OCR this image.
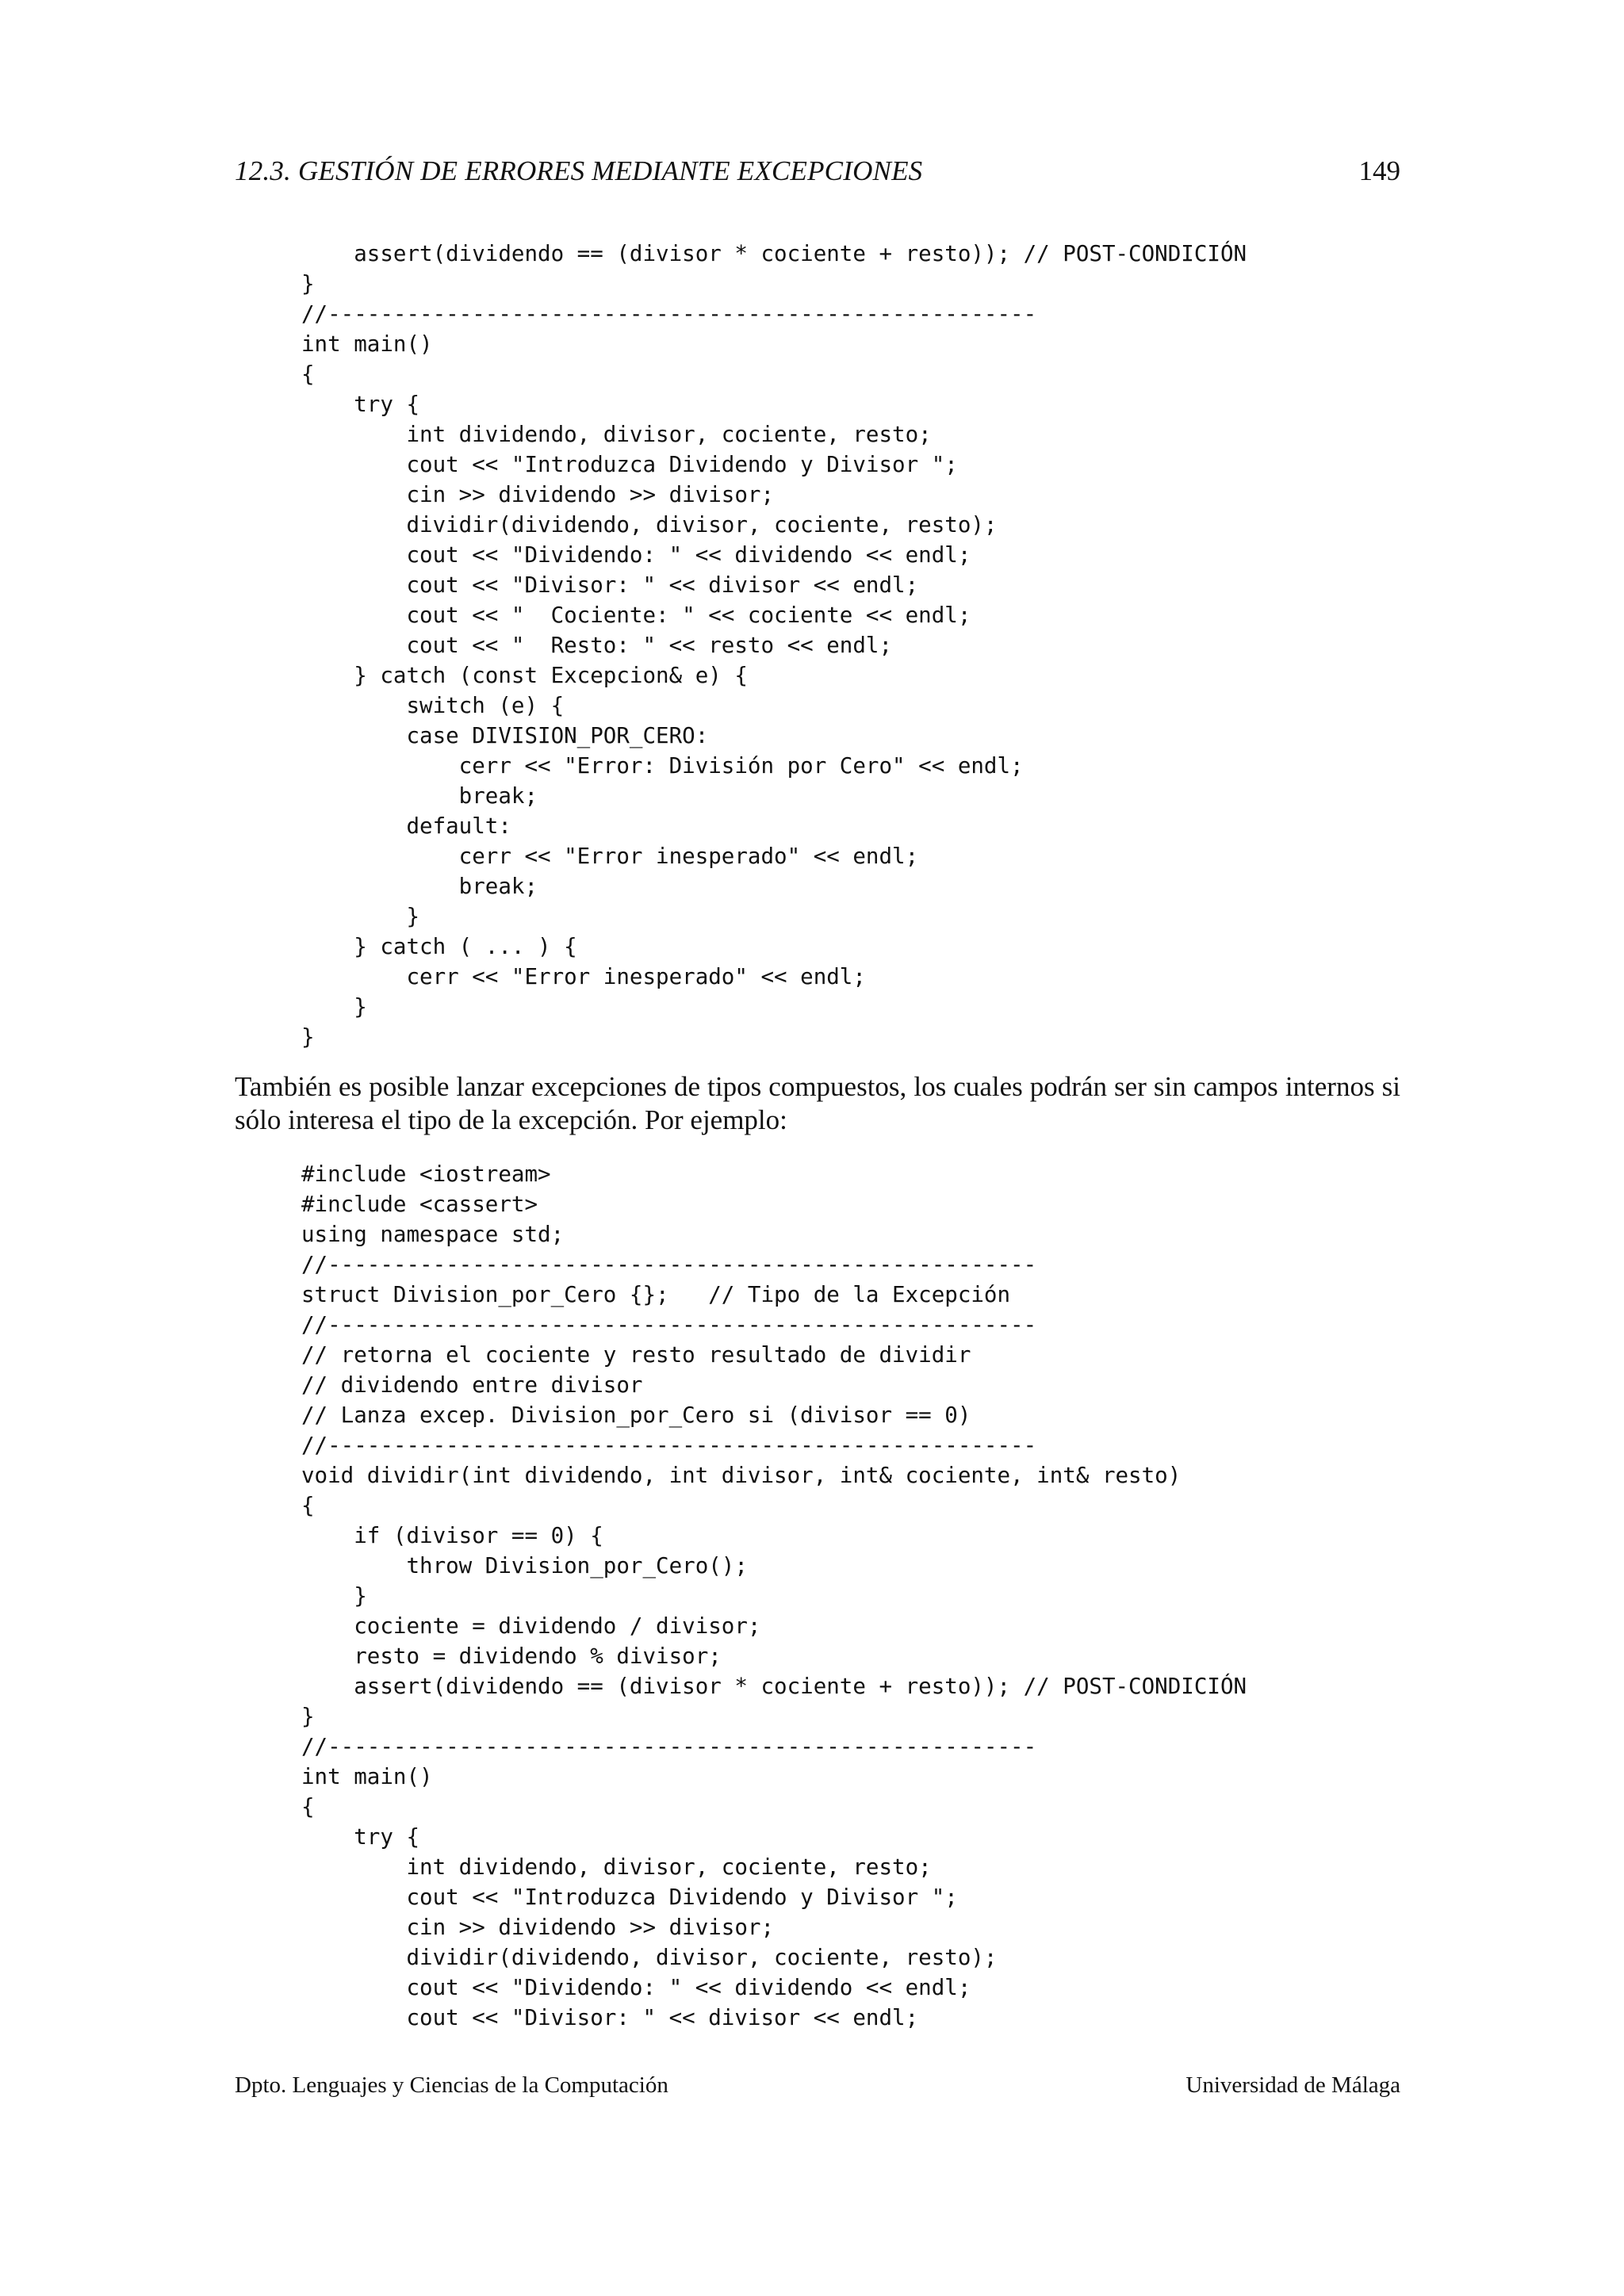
12.3. GESTIÓN DE ERRORES MEDIANTE EXCEPCIONES	149
assert(dividendo == (divisor * cociente + resto)); // POST-CONDICIÓN
}
//------------------------------------------------------
int main()
{
try {
int dividendo, divisor, cociente, resto;
cout << "Introduzca Dividendo y Divisor ";
cin >> dividendo >> divisor;
dividir(dividendo, divisor, cociente, resto);
cout << "Dividendo: " << dividendo << endl;
cout << "Divisor: " << divisor << endl;
cout << "  Cociente: " << cociente << endl;
cout << "  Resto: " << resto << endl;
} catch (const Excepcion& e) {
switch (e) {
case DIVISION_POR_CERO:
cerr << "Error: División por Cero" << endl;
break;
default:
cerr << "Error inesperado" << endl;
break;
}
} catch ( ... ) {
cerr << "Error inesperado" << endl;
}
}

También es posible lanzar excepciones de tipos compuestos, los cuales podrán ser sin campos internos si sólo interesa el tipo de la excepción. Por ejemplo:

#include <iostream>
#include <cassert>
using namespace std;
//------------------------------------------------------
struct Division_por_Cero {};   // Tipo de la Excepción
//------------------------------------------------------
// retorna el cociente y resto resultado de dividir
// dividendo entre divisor
// Lanza excep. Division_por_Cero si (divisor == 0)
//------------------------------------------------------
void dividir(int dividendo, int divisor, int& cociente, int& resto)
{
if (divisor == 0) {
throw Division_por_Cero();
}
cociente = dividendo / divisor;
resto = dividendo % divisor;
assert(dividendo == (divisor * cociente + resto)); // POST-CONDICIÓN
}
//------------------------------------------------------
int main()
{
try {
int dividendo, divisor, cociente, resto;
cout << "Introduzca Dividendo y Divisor ";
cin >> dividendo >> divisor;
dividir(dividendo, divisor, cociente, resto);
cout << "Dividendo: " << dividendo << endl;
cout << "Divisor: " << divisor << endl;
Dpto. Lenguajes y Ciencias de la Computación	Universidad de Málaga
